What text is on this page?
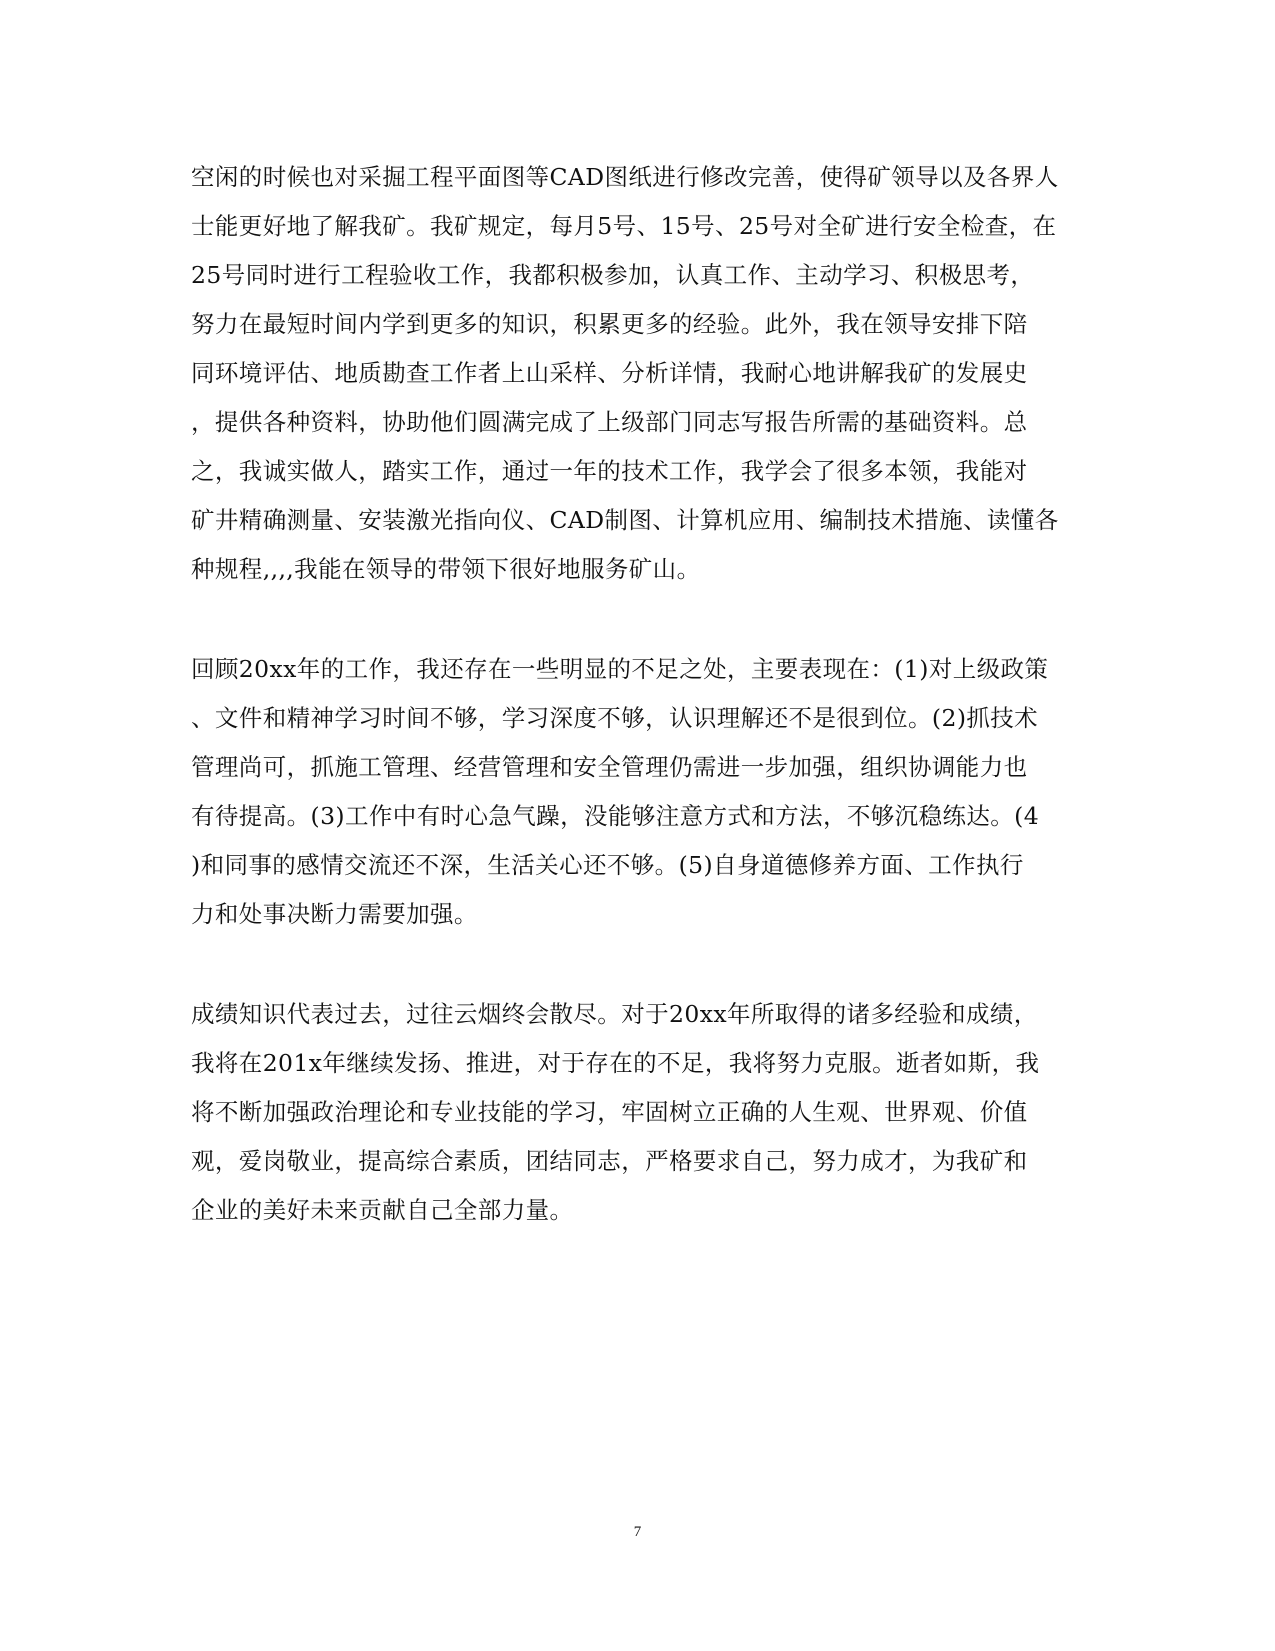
空闲的时候也对采掘工程平面图等CAD图纸进行修改完善，使得矿领导以及各界人
士能更好地了解我矿。我矿规定，每月5号、15号、25号对全矿进行安全检查，在
25号同时进行工程验收工作，我都积极参加，认真工作、主动学习、积极思考，
努力在最短时间内学到更多的知识，积累更多的经验。此外，我在领导安排下陪
同环境评估、地质勘查工作者上山采样、分析详情，我耐心地讲解我矿的发展史
，提供各种资料，协助他们圆满完成了上级部门同志写报告所需的基础资料。总
之，我诚实做人，踏实工作，通过一年的技术工作，我学会了很多本领，我能对
矿井精确测量、安装激光指向仪、CAD制图、计算机应用、编制技术措施、读懂各
种规程,,,,我能在领导的带领下很好地服务矿山。
回顾20xx年的工作，我还存在一些明显的不足之处，主要表现在：(1)对上级政策
、文件和精神学习时间不够，学习深度不够，认识理解还不是很到位。(2)抓技术
管理尚可，抓施工管理、经营管理和安全管理仍需进一步加强，组织协调能力也
有待提高。(3)工作中有时心急气躁，没能够注意方式和方法，不够沉稳练达。(4
)和同事的感情交流还不深，生活关心还不够。(5)自身道德修养方面、工作执行
力和处事决断力需要加强。
成绩知识代表过去，过往云烟终会散尽。对于20xx年所取得的诸多经验和成绩，
我将在201x年继续发扬、推进，对于存在的不足，我将努力克服。逝者如斯，我
将不断加强政治理论和专业技能的学习，牢固树立正确的人生观、世界观、价值
观，爱岗敬业，提高综合素质，团结同志，严格要求自己，努力成才，为我矿和
企业的美好未来贡献自己全部力量。
7
